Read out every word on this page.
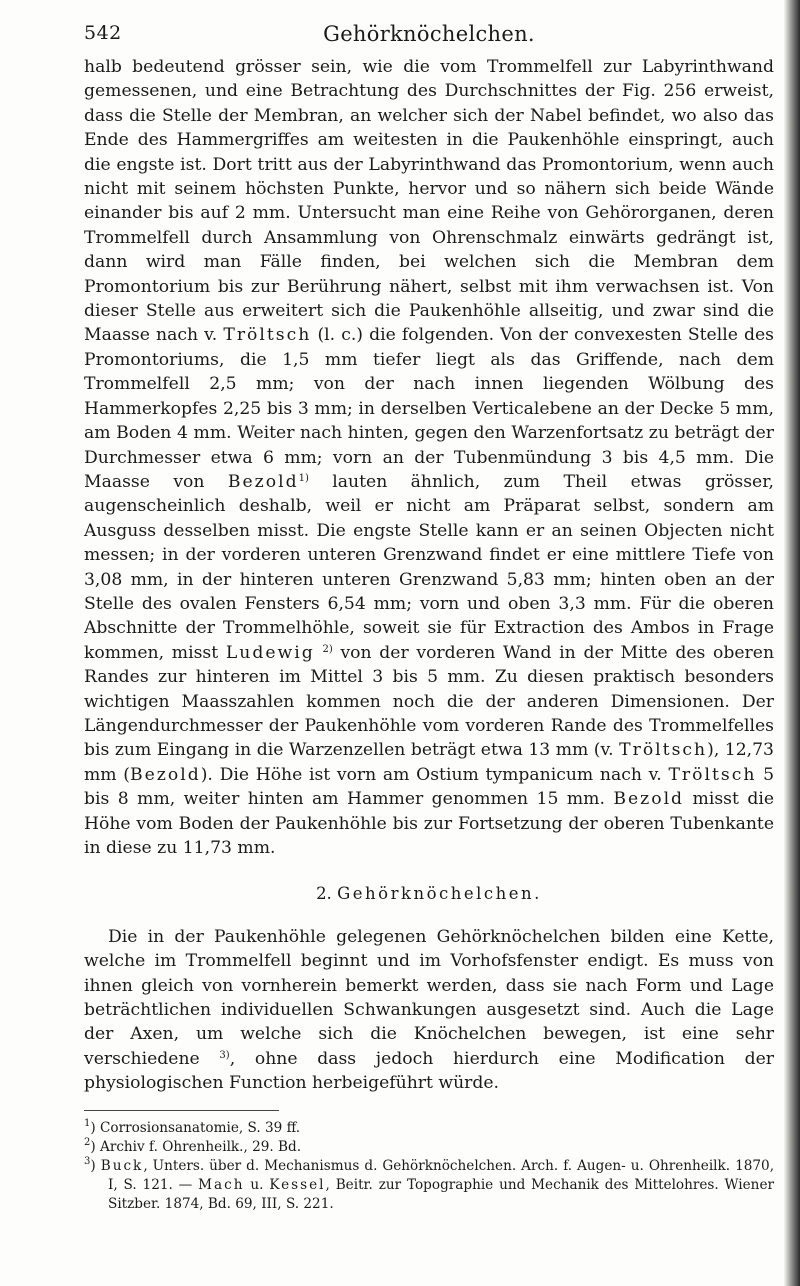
542	Gehörknöchelchen.

halb bedeutend grösser sein, wie die vom Trommelfell zur Labyrinthwand gemessenen, und eine Betrachtung des Durchschnittes der Fig. 256 erweist, dass die Stelle der Membran, an welcher sich der Nabel befindet, wo also das Ende des Hammergriffes am weitesten in die Paukenhöhle einspringt, auch die engste ist. Dort tritt aus der Labyrinthwand das Promontorium, wenn auch nicht mit seinem höchsten Punkte, hervor und so nähern sich beide Wände einander bis auf 2 mm. Untersucht man eine Reihe von Gehörorganen, deren Trommelfell durch Ansammlung von Ohrenschmalz einwärts gedrängt ist, dann wird man Fälle finden, bei welchen sich die Membran dem Promontorium bis zur Berührung nähert, selbst mit ihm verwachsen ist. Von dieser Stelle aus erweitert sich die Paukenhöhle allseitig, und zwar sind die Maasse nach v. Tröltsch (l. c.) die folgenden. Von der convexesten Stelle des Promontoriums, die 1,5 mm tiefer liegt als das Griffende, nach dem Trommelfell 2,5 mm; von der nach innen liegenden Wölbung des Hammerkopfes 2,25 bis 3 mm; in derselben Verticalebene an der Decke 5 mm, am Boden 4 mm. Weiter nach hinten, gegen den Warzenfortsatz zu beträgt der Durchmesser etwa 6 mm; vorn an der Tubenmündung 3 bis 4,5 mm. Die Maasse von Bezold$^{1)}$ lauten ähnlich, zum Theil etwas grösser, augenscheinlich deshalb, weil er nicht am Präparat selbst, sondern am Ausguss desselben misst. Die engste Stelle kann er an seinen Objecten nicht messen; in der vorderen unteren Grenzwand findet er eine mittlere Tiefe von 3,08 mm, in der hinteren unteren Grenzwand 5,83 mm; hinten oben an der Stelle des ovalen Fensters 6,54 mm; vorn und oben 3,3 mm. Für die oberen Abschnitte der Trommelhöhle, soweit sie für Extraction des Ambos in Frage kommen, misst Ludewig $^{2)}$ von der vorderen Wand in der Mitte des oberen Randes zur hinteren im Mittel 3 bis 5 mm. Zu diesen praktisch besonders wichtigen Maasszahlen kommen noch die der anderen Dimensionen. Der Längendurchmesser der Paukenhöhle vom vorderen Rande des Trommelfelles bis zum Eingang in die Warzenzellen beträgt etwa 13 mm (v. Tröltsch), 12,73 mm (Bezold). Die Höhe ist vorn am Ostium tympanicum nach v. Tröltsch 5 bis 8 mm, weiter hinten am Hammer genommen 15 mm. Bezold misst die Höhe vom Boden der Paukenhöhle bis zur Fortsetzung der oberen Tubenkante in diese zu 11,73 mm.

2. Gehörknöchelchen.

Die in der Paukenhöhle gelegenen Gehörknöchelchen bilden eine Kette, welche im Trommelfell beginnt und im Vorhofsfenster endigt. Es muss von ihnen gleich von vornherein bemerkt werden, dass sie nach Form und Lage beträchtlichen individuellen Schwankungen ausgesetzt sind. Auch die Lage der Axen, um welche sich die Knöchelchen bewegen, ist eine sehr verschiedene $^{3)}$, ohne dass jedoch hierdurch eine Modification der physiologischen Function herbeigeführt würde.

$^1$) Corrosionsanatomie, S. 39 ff.

$^2$) Archiv f. Ohrenheilk., 29. Bd.

$^3$) Buck, Unters. über d. Mechanismus d. Gehörknöchelchen. Arch. f. Augen- u. Ohrenheilk. 1870, I, S. 121. — Mach u. Kessel, Beitr. zur Topographie und Mechanik des Mittelohres. Wiener Sitzber. 1874, Bd. 69, III, S. 221.
